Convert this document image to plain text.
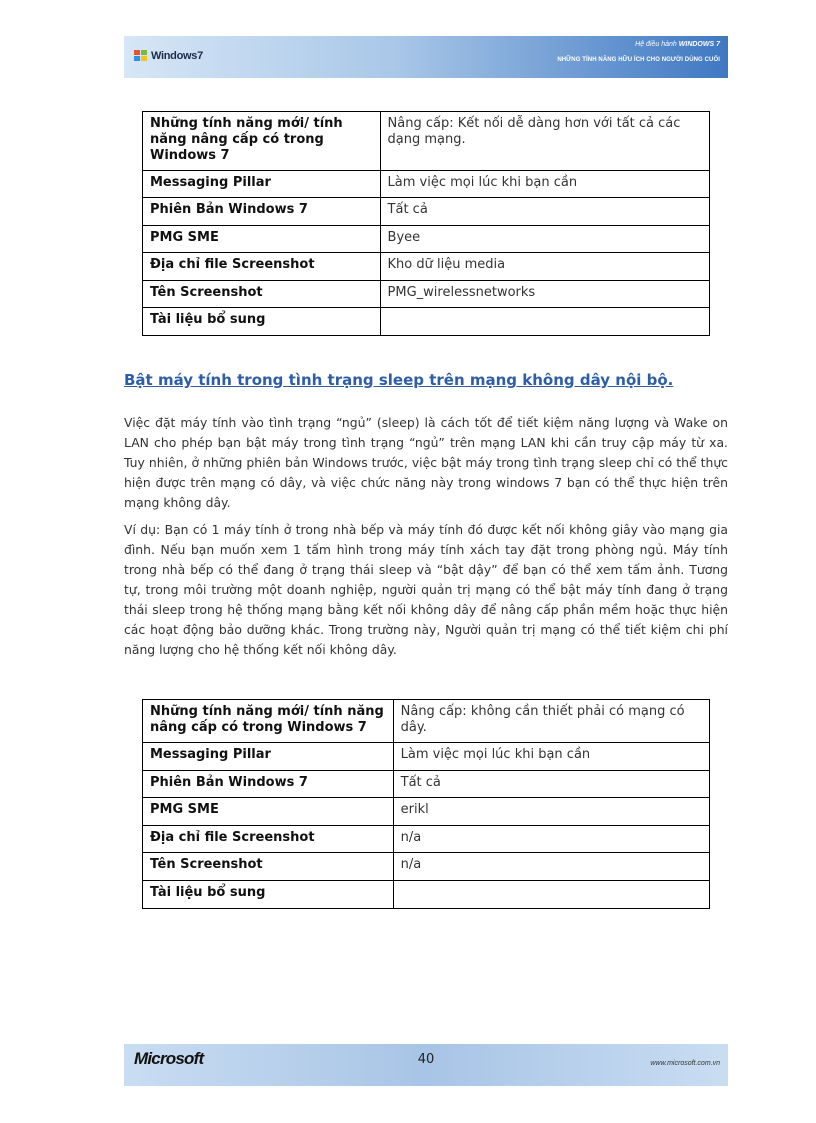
Windows7
Hệ điều hành WINDOWS 7
NHỮNG TÍNH NĂNG HỮU ÍCH CHO NGƯỜI DÙNG CUỐI
Những tính năng mới/ tính năng nâng cấp có trong Windows 7	Nâng cấp: Kết nối dễ dàng hơn với tất cả các dạng mạng.
Messaging Pillar	Làm việc mọi lúc khi bạn cần
Phiên Bản Windows 7	Tất cả
PMG SME	Byee
Địa chỉ file Screenshot	Kho dữ liệu media
Tên Screenshot	PMG_wirelessnetworks
Tài liệu bổ sung	
Bật máy tính trong tình trạng sleep trên mạng không dây nội bộ.

Việc đặt máy tính vào tình trạng “ngủ” (sleep) là cách tốt để tiết kiệm năng lượng và Wake on LAN cho phép bạn bật máy trong tình trạng “ngủ” trên mạng LAN khi cần truy cập máy từ xa. Tuy nhiên, ở những phiên bản Windows trước, việc bật máy trong tình trạng sleep chỉ có thể thực hiện được trên mạng có dây, và việc chức năng này trong windows 7 bạn có thể thực hiện trên mạng không dây.

Ví dụ: Bạn có 1 máy tính ở trong nhà bếp và máy tính đó được kết nối không giây vào mạng gia đình. Nếu bạn muốn xem 1 tấm hình trong máy tính xách tay đặt trong phòng ngủ. Máy tính trong nhà bếp có thể đang ở trạng thái sleep và “bật dậy” để bạn có thể xem tấm ảnh. Tương tự, trong môi trường một doanh nghiệp, người quản trị mạng có thể bật máy tính đang ở trạng thái sleep trong hệ thống mạng bằng kết nối không dây để nâng cấp phần mềm hoặc thực hiện các hoạt động bảo dưỡng khác. Trong trường này, Người quản trị mạng có thể tiết kiệm chi phí năng lượng cho hệ thống kết nối không dây.

Những tính năng mới/ tính năng nâng cấp có trong Windows 7	Nâng cấp: không cần thiết phải có mạng có dây.
Messaging Pillar	Làm việc mọi lúc khi bạn cần
Phiên Bản Windows 7	Tất cả
PMG SME	erikl
Địa chỉ file Screenshot	n/a
Tên Screenshot	n/a
Tài liệu bổ sung	
Microsoft	40	www.microsoft.com.vn
